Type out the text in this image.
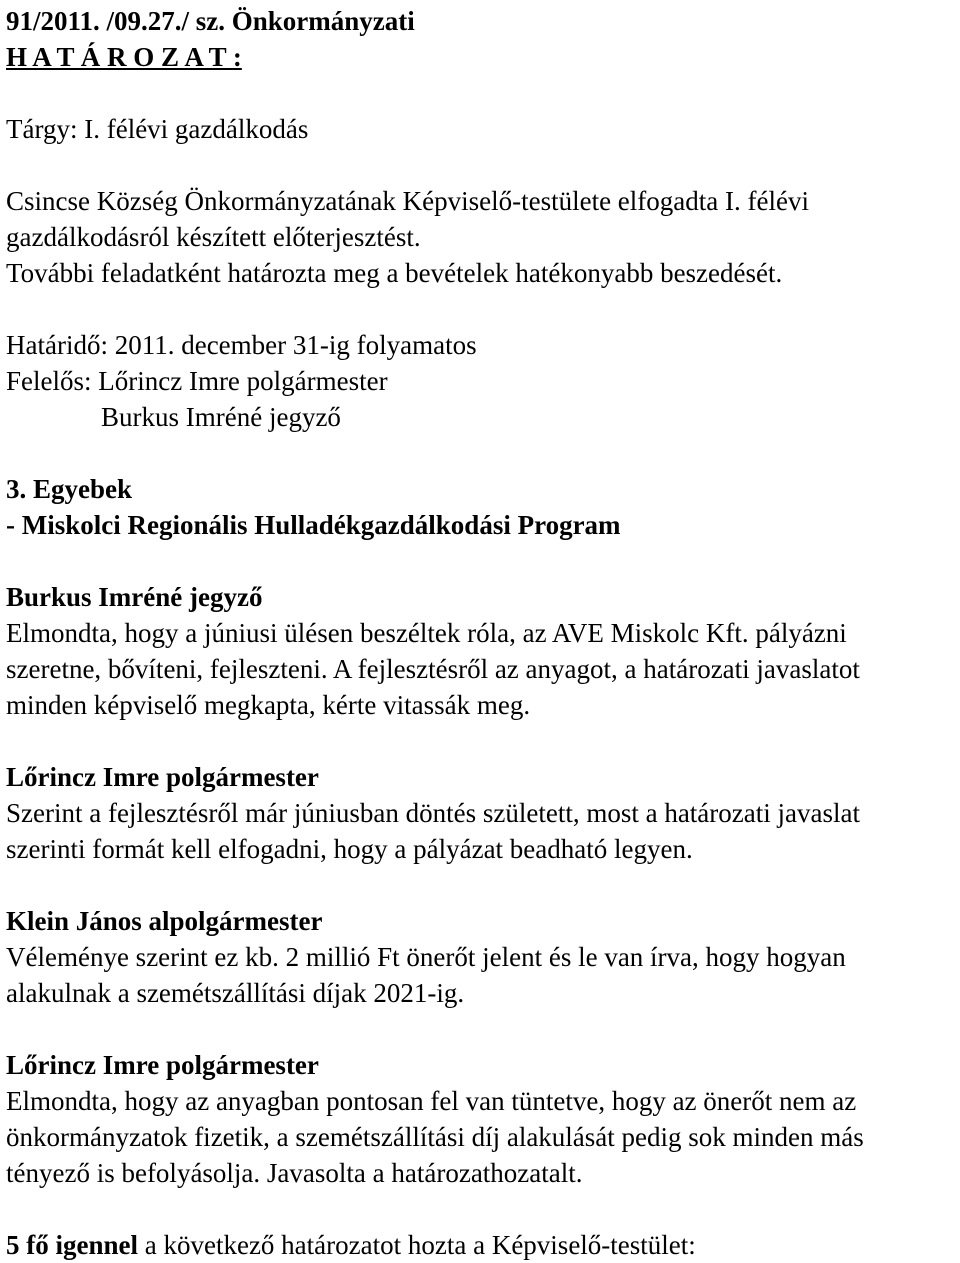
91/2011. /09.27./ sz. Önkormányzati
H A T Á R O Z A T :
Tárgy: I. félévi gazdálkodás
Csincse Község Önkormányzatának Képviselő-testülete elfogadta I. félévi
gazdálkodásról készített előterjesztést.
További feladatként határozta meg a bevételek hatékonyabb beszedését.
Határidő: 2011. december 31-ig folyamatos
Felelős: Lőrincz Imre polgármester
Burkus Imréné jegyző
3. Egyebek
- Miskolci Regionális Hulladékgazdálkodási Program
Burkus Imréné jegyző
Elmondta, hogy a júniusi ülésen beszéltek róla, az AVE Miskolc Kft. pályázni
szeretne, bővíteni, fejleszteni. A fejlesztésről az anyagot, a határozati javaslatot
minden képviselő megkapta, kérte vitassák meg.
Lőrincz Imre polgármester
Szerint a fejlesztésről már júniusban döntés született, most a határozati javaslat
szerinti formát kell elfogadni, hogy a pályázat beadható legyen.
Klein János alpolgármester
Véleménye szerint ez kb. 2 millió Ft önerőt jelent és le van írva, hogy hogyan
alakulnak a szemétszállítási díjak 2021-ig.
Lőrincz Imre polgármester
Elmondta, hogy az anyagban pontosan fel van tüntetve, hogy az önerőt nem az
önkormányzatok fizetik, a szemétszállítási díj alakulását pedig sok minden más
tényező is befolyásolja. Javasolta a határozathozatalt.
5 fő igennel a következő határozatot hozta a Képviselő-testület:
